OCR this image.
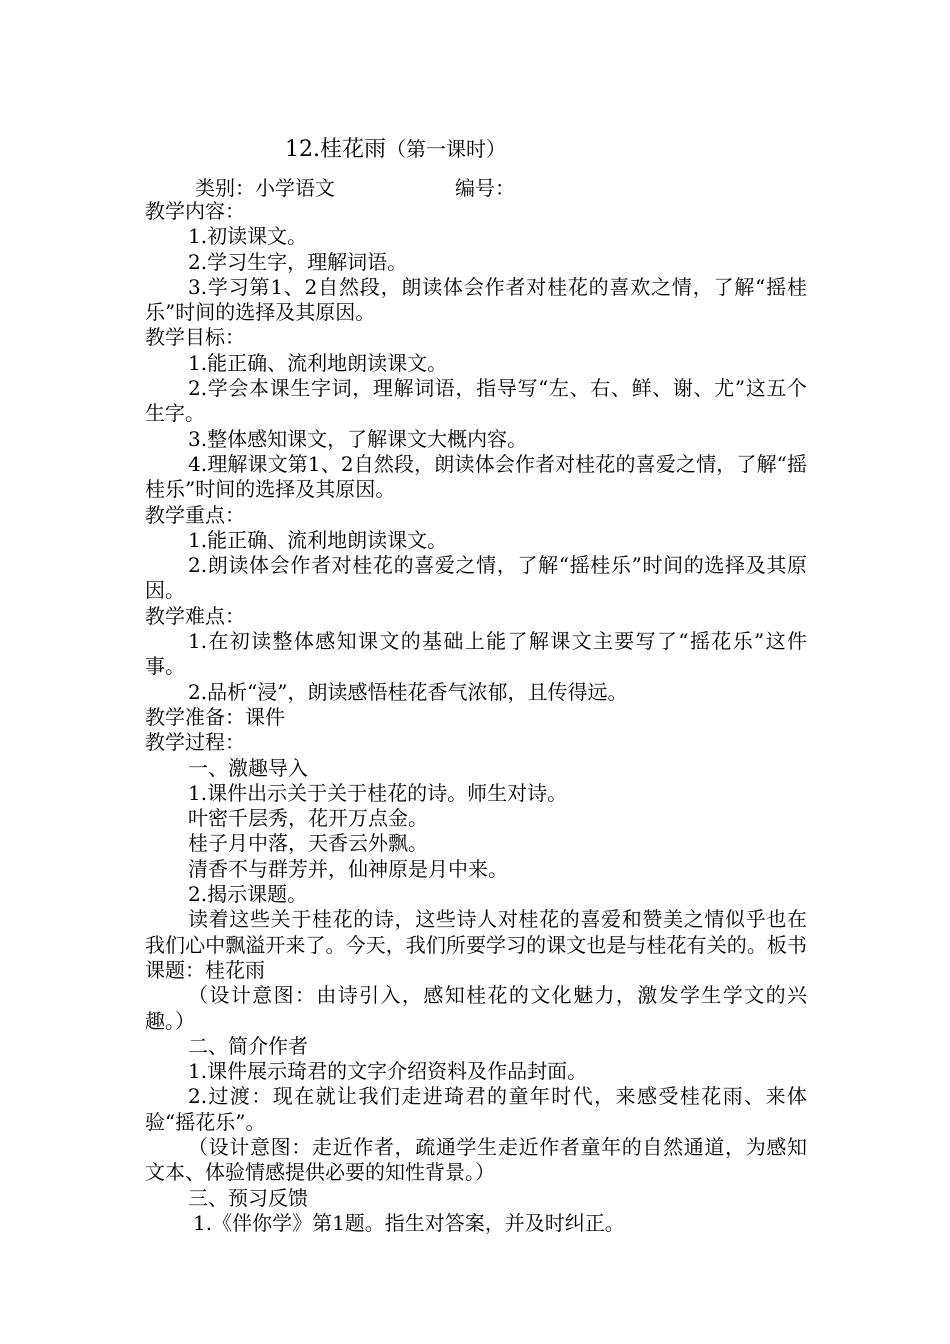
12.桂花雨（第一课时）
类别：小学语文	编号：

教学内容：

1.初读课文。

2.学习生字，理解词语。

3.学习第1、2自然段，朗读体会作者对桂花的喜欢之情，了解“摇桂乐”时间的选择及其原因。

教学目标：

1.能正确、流利地朗读课文。

2.学会本课生字词，理解词语，指导写“左、右、鲜、谢、尤”这五个生字。

3.整体感知课文，了解课文大概内容。

4.理解课文第1、2自然段，朗读体会作者对桂花的喜爱之情，了解“摇桂乐”时间的选择及其原因。

教学重点：

1.能正确、流利地朗读课文。

2.朗读体会作者对桂花的喜爱之情，了解“摇桂乐”时间的选择及其原因。

教学难点：

1.在初读整体感知课文的基础上能了解课文主要写了“摇花乐”这件事。

2.品析“浸”，朗读感悟桂花香气浓郁，且传得远。

教学准备：课件

教学过程：

一、激趣导入

1.课件出示关于关于桂花的诗。师生对诗。

叶密千层秀，花开万点金。

桂子月中落，天香云外飘。

清香不与群芳并，仙神原是月中来。

2.揭示课题。

读着这些关于桂花的诗，这些诗人对桂花的喜爱和赞美之情似乎也在我们心中飘溢开来了。今天，我们所要学习的课文也是与桂花有关的。板书课题：桂花雨

（设计意图：由诗引入，感知桂花的文化魅力，激发学生学文的兴趣。）

二、简介作者

1.课件展示琦君的文字介绍资料及作品封面。

2.过渡：现在就让我们走进琦君的童年时代，来感受桂花雨、来体验“摇花乐”。

（设计意图：走近作者，疏通学生走近作者童年的自然通道，为感知文本、体验情感提供必要的知性背景。）

三、预习反馈

1.《伴你学》第1题。指生对答案，并及时纠正。
